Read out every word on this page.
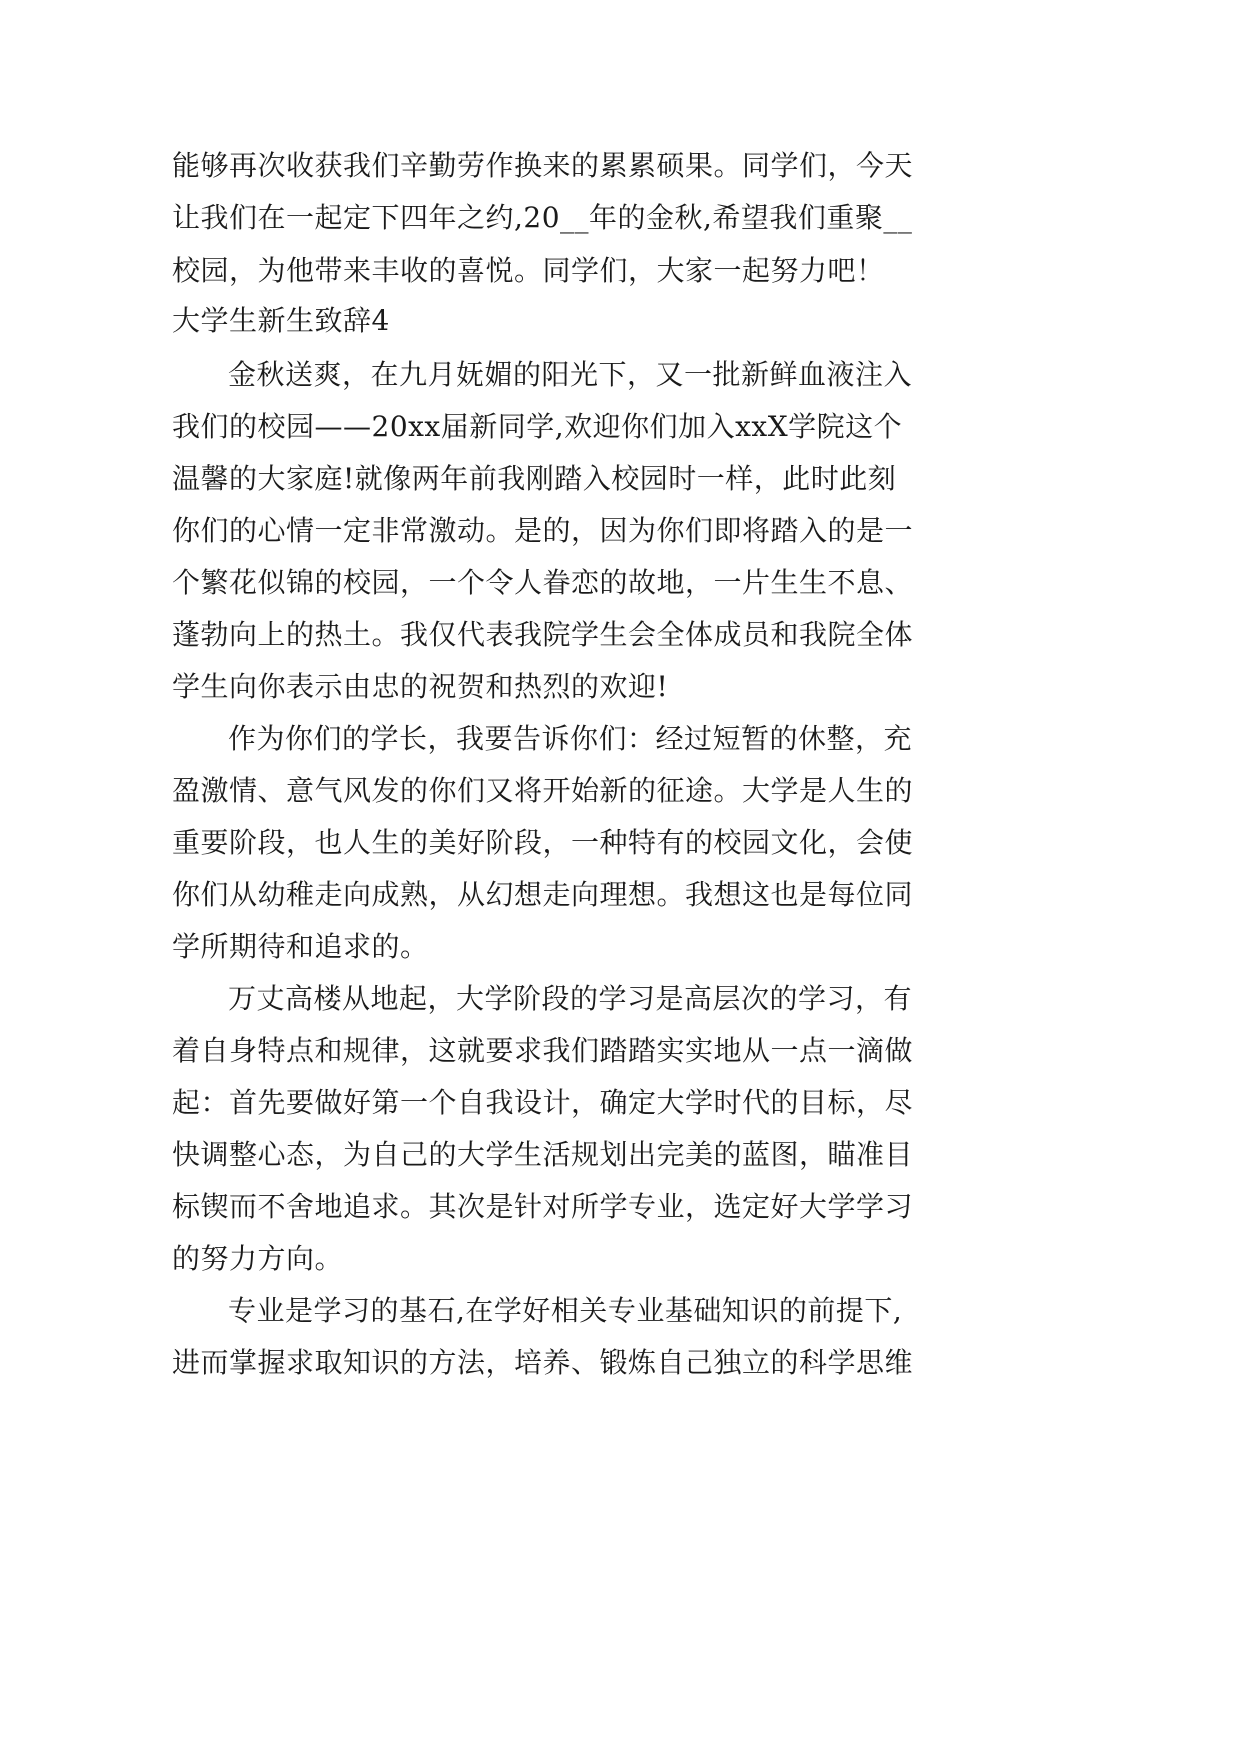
能够再次收获我们辛勤劳作换来的累累硕果。同学们，今天
让我们在一起定下四年之约,20__年的金秋,希望我们重聚__
校园，为他带来丰收的喜悦。同学们，大家一起努力吧！
大学生新生致辞4
金秋送爽，在九月妩媚的阳光下，又一批新鲜血液注入
我们的校园——20xx届新同学,欢迎你们加入xxX学院这个
温馨的大家庭!就像两年前我刚踏入校园时一样，此时此刻
你们的心情一定非常激动。是的，因为你们即将踏入的是一
个繁花似锦的校园，一个令人眷恋的故地，一片生生不息、
蓬勃向上的热土。我仅代表我院学生会全体成员和我院全体
学生向你表示由忠的祝贺和热烈的欢迎!
作为你们的学长，我要告诉你们：经过短暂的休整，充
盈激情、意气风发的你们又将开始新的征途。大学是人生的
重要阶段，也人生的美好阶段，一种特有的校园文化，会使
你们从幼稚走向成熟，从幻想走向理想。我想这也是每位同
学所期待和追求的。
万丈高楼从地起，大学阶段的学习是高层次的学习，有
着自身特点和规律，这就要求我们踏踏实实地从一点一滴做
起：首先要做好第一个自我设计，确定大学时代的目标，尽
快调整心态，为自己的大学生活规划出完美的蓝图，瞄准目
标锲而不舍地追求。其次是针对所学专业，选定好大学学习
的努力方向。
专业是学习的基石,在学好相关专业基础知识的前提下,
进而掌握求取知识的方法，培养、锻炼自己独立的科学思维
